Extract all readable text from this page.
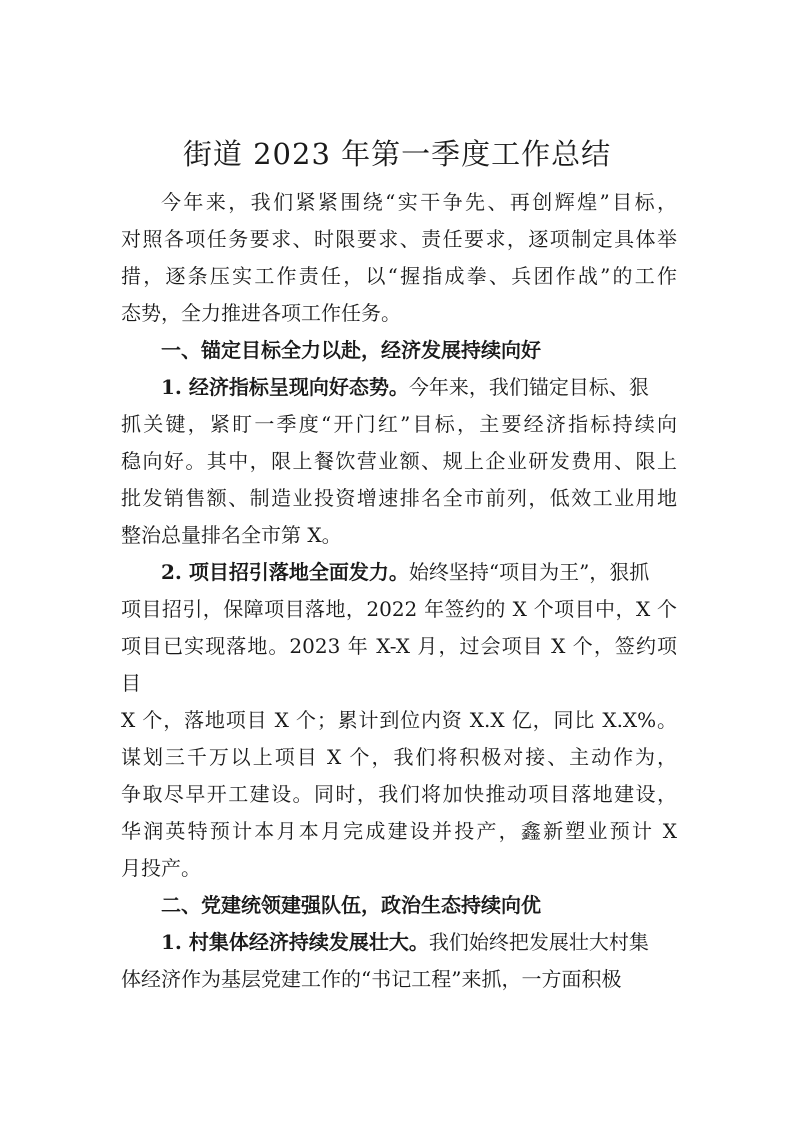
街道 2023 年第一季度工作总结
今年来，我们紧紧围绕“实干争先、再创辉煌”目标，
对照各项任务要求、时限要求、责任要求，逐项制定具体举
措，逐条压实工作责任，以“握指成拳、兵团作战”的工作
态势，全力推进各项工作任务。
一、锚定目标全力以赴，经济发展持续向好
1. 经济指标呈现向好态势。今年来，我们锚定目标、狠
抓关键，紧盯一季度“开门红”目标，主要经济指标持续向
稳向好。其中，限上餐饮营业额、规上企业研发费用、限上
批发销售额、制造业投资增速排名全市前列，低效工业用地
整治总量排名全市第 X。
2. 项目招引落地全面发力。始终坚持“项目为王”，狠抓
项目招引，保障项目落地，2022 年签约的 X 个项目中，X 个
项目已实现落地。2023 年 X-X 月，过会项目 X 个，签约项
目
X 个，落地项目 X 个；累计到位内资 X.X 亿，同比 X.X%。
谋划三千万以上项目 X 个，我们将积极对接、主动作为，
争取尽早开工建设。同时，我们将加快推动项目落地建设，
华润英特预计本月本月完成建设并投产，鑫新塑业预计 X
月投产。
二、党建统领建强队伍，政治生态持续向优
1. 村集体经济持续发展壮大。我们始终把发展壮大村集
体经济作为基层党建工作的“书记工程”来抓，一方面积极
